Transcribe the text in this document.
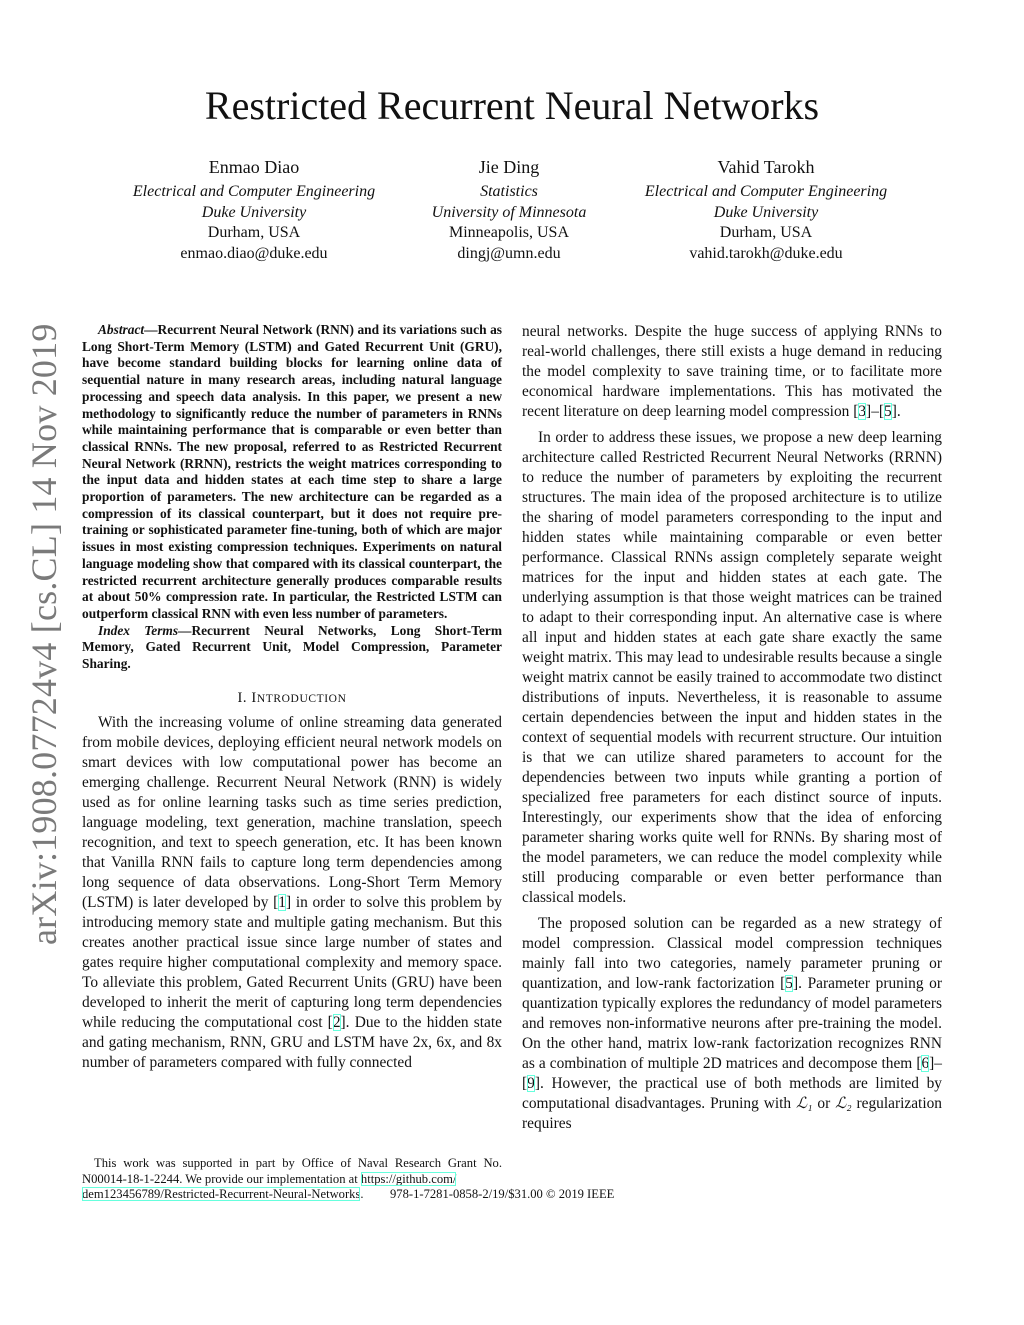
arXiv:1908.07724v4 [cs.CL] 14 Nov 2019
Restricted Recurrent Neural Networks
Enmao Diao
Electrical and Computer Engineering
Duke University
Durham, USA
enmao.diao@duke.edu
Jie Ding
Statistics
University of Minnesota
Minneapolis, USA
dingj@umn.edu
Vahid Tarokh
Electrical and Computer Engineering
Duke University
Durham, USA
vahid.tarokh@duke.edu

Abstract—Recurrent Neural Network (RNN) and its variations such as Long Short-Term Memory (LSTM) and Gated Recurrent Unit (GRU), have become standard building blocks for learning online data of sequential nature in many research areas, including natural language processing and speech data analysis. In this paper, we present a new methodology to significantly reduce the number of parameters in RNNs while maintaining performance that is comparable or even better than classical RNNs. The new proposal, referred to as Restricted Recurrent Neural Network (RRNN), restricts the weight matrices corresponding to the input data and hidden states at each time step to share a large proportion of parameters. The new architecture can be regarded as a compression of its classical counterpart, but it does not require pre-training or sophisticated parameter fine-tuning, both of which are major issues in most existing compression techniques. Experiments on natural language modeling show that compared with its classical counterpart, the restricted recurrent architecture generally produces comparable results at about 50% compression rate. In particular, the Restricted LSTM can outperform classical RNN with even less number of parameters.

Index Terms—Recurrent Neural Networks, Long Short-Term Memory, Gated Recurrent Unit, Model Compression, Parameter Sharing.

I. INTRODUCTION

With the increasing volume of online streaming data generated from mobile devices, deploying efficient neural network models on smart devices with low computational power has become an emerging challenge. Recurrent Neural Network (RNN) is widely used as for online learning tasks such as time series prediction, language modeling, text generation, machine translation, speech recognition, and text to speech generation, etc. It has been known that Vanilla RNN fails to capture long term dependencies among long sequence of data observations. Long-Short Term Memory (LSTM) is later developed by [1] in order to solve this problem by introducing memory state and multiple gating mechanism. But this creates another practical issue since large number of states and gates require higher computational complexity and memory space. To alleviate this problem, Gated Recurrent Units (GRU) have been developed to inherit the merit of capturing long term dependencies while reducing the computational cost [2]. Due to the hidden state and gating mechanism, RNN, GRU and LSTM have 2x, 6x, and 8x number of parameters compared with fully connected

neural networks. Despite the huge success of applying RNNs to real-world challenges, there still exists a huge demand in reducing the model complexity to save training time, or to facilitate more economical hardware implementations. This has motivated the recent literature on deep learning model compression [3]–[5].

In order to address these issues, we propose a new deep learning architecture called Restricted Recurrent Neural Networks (RRNN) to reduce the number of parameters by exploiting the recurrent structures. The main idea of the proposed architecture is to utilize the sharing of model parameters corresponding to the input and hidden states while maintaining comparable or even better performance. Classical RNNs assign completely separate weight matrices for the input and hidden states at each gate. The underlying assumption is that those weight matrices can be trained to adapt to their corresponding input. An alternative case is where all input and hidden states at each gate share exactly the same weight matrix. This may lead to undesirable results because a single weight matrix cannot be easily trained to accommodate two distinct distributions of inputs. Nevertheless, it is reasonable to assume certain dependencies between the input and hidden states in the context of sequential models with recurrent structure. Our intuition is that we can utilize shared parameters to account for the dependencies between two inputs while granting a portion of specialized free parameters for each distinct source of inputs. Interestingly, our experiments show that the idea of enforcing parameter sharing works quite well for RNNs. By sharing most of the model parameters, we can reduce the model complexity while still producing comparable or even better performance than classical models.

The proposed solution can be regarded as a new strategy of model compression. Classical model compression techniques mainly fall into two categories, namely parameter pruning or quantization, and low-rank factorization [5]. Parameter pruning or quantization typically explores the redundancy of model parameters and removes non-informative neurons after pre-training the model. On the other hand, matrix low-rank factorization recognizes RNN as a combination of multiple 2D matrices and decompose them [6]–[9]. However, the practical use of both methods are limited by computational disadvantages. Pruning with ℒ₁ or ℒ₂ regularization requires

This work was supported in part by Office of Naval Research Grant No. N00014-18-1-2244. We provide our implementation at https://github.com/
dem123456789/Restricted-Recurrent-Neural-Networks.	978-1-7281-0858-2/19/$31.00 © 2019 IEEE
